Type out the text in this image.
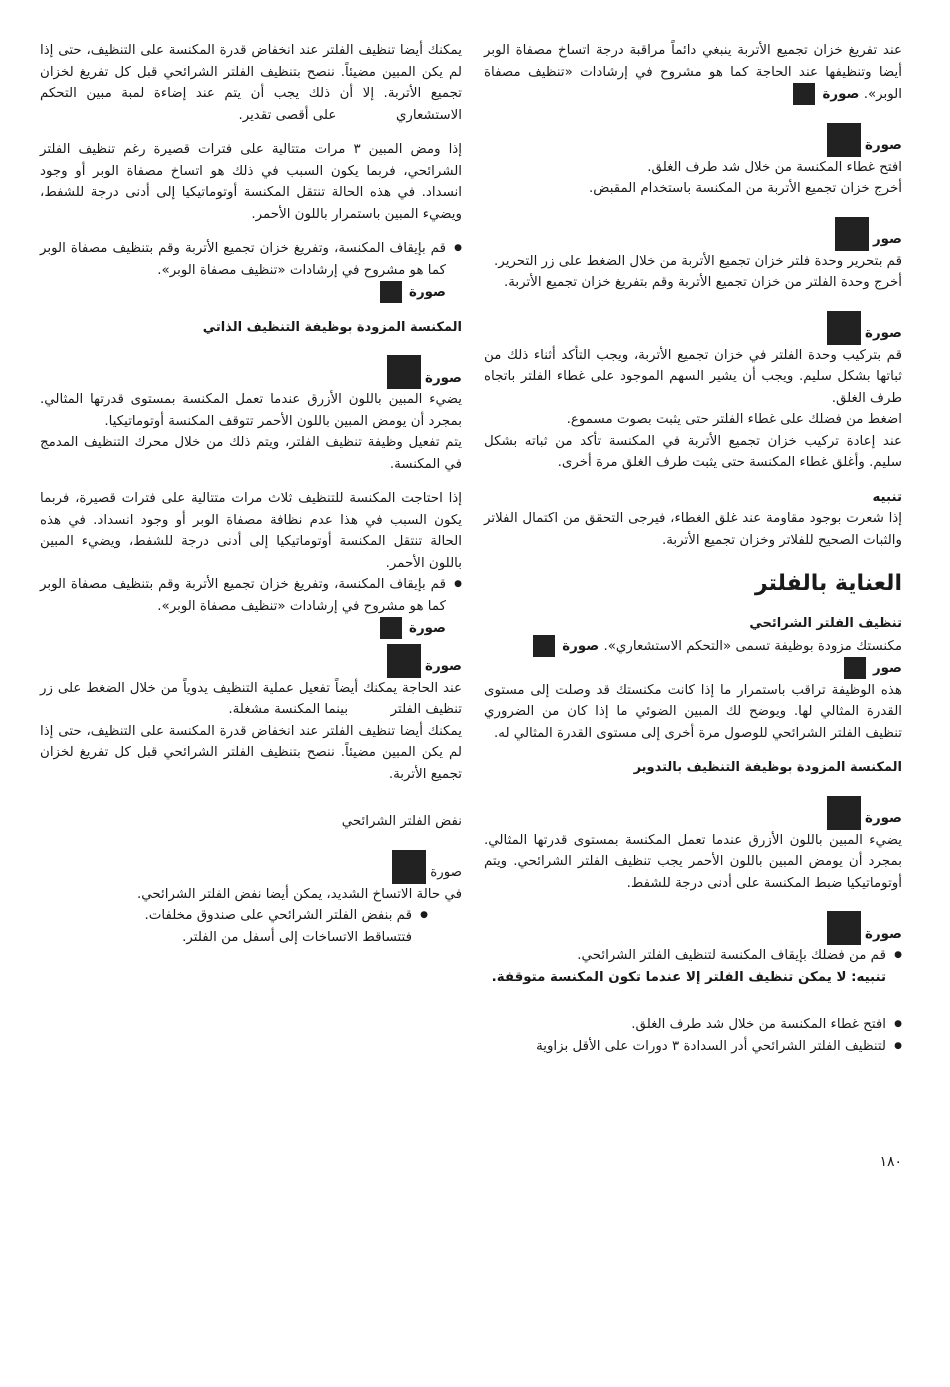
عند تفريغ خزان تجميع الأتربة ينبغي دائماً مراقبة درجة اتساخ مصفاة الوبر أيضا وتنظيفها عند الحاجة كما هو مشروح في إرشادات «تنظيف مصفاة الوبر». صورة

صورة

افتح غطاء المكنسة من خلال شد طرف الغلق.

أخرج خزان تجميع الأتربة من المكنسة باستخدام المقبض.

صور

قم بتحرير وحدة فلتر خزان تجميع الأتربة من خلال الضغط على زر التحرير.

أخرج وحدة الفلتر من خزان تجميع الأتربة وقم بتفريغ خزان تجميع الأتربة.

صورة

قم بتركيب وحدة الفلتر في خزان تجميع الأتربة، ويجب التأكد أثناء ذلك من ثباتها بشكل سليم. ويجب أن يشير السهم الموجود على غطاء الفلتر باتجاه طرف الغلق.

اضغط من فضلك على غطاء الفلتر حتى يثبت بصوت مسموع.

عند إعادة تركيب خزان تجميع الأتربة في المكنسة تأكد من ثباته بشكل سليم. وأغلق غطاء المكنسة حتى يثبت طرف الغلق مرة أخرى.

تنبيه

إذا شعرت بوجود مقاومة عند غلق الغطاء، فيرجى التحقق من اكتمال الفلاتر والثبات الصحيح للفلاتر وخزان تجميع الأتربة.

العناية بالفلتر

تنظيف الفلتر الشرائحي

مكنستك مزودة بوظيفة تسمى «التحكم الاستشعاري». صورة

صور

هذه الوظيفة تراقب باستمرار ما إذا كانت مكنستك قد وصلت إلى مستوى القدرة المثالي لها. ويوضح لك المبين الضوئي ما إذا كان من الضروري تنظيف الفلتر الشرائحي للوصول مرة أخرى إلى مستوى القدرة المثالي له.

المكنسة المزودة بوظيفة التنظيف بالتدوير

صورة

يضيء المبين باللون الأزرق عندما تعمل المكنسة بمستوى قدرتها المثالي. بمجرد أن يومض المبين باللون الأحمر يجب تنظيف الفلتر الشرائحي. ويتم أوتوماتيكيا ضبط المكنسة على أدنى درجة للشفط.

صورة
● قم من فضلك بإيقاف المكنسة لتنظيف الفلتر الشرائحي.
تنبيه: لا يمكن تنظيف الفلتر إلا عندما تكون المكنسة متوقفة.
● افتح غطاء المكنسة من خلال شد طرف الغلق.
● لتنظيف الفلتر الشرائحي أدر السدادة ٣ دورات على الأقل بزاوية
١٨٠

يمكنك أيضا تنظيف الفلتر عند انخفاض قدرة المكنسة على التنظيف، حتى إذا لم يكن المبين مضيئاً. ننصح بتنظيف الفلتر الشرائحي قبل كل تفريغ لخزان تجميع الأتربة. إلا أن ذلك يجب أن يتم عند إضاءة لمبة مبين التحكم الاستشعاري              على أقصى تقدير.

إذا ومض المبين ٣ مرات متتالية على فترات قصيرة رغم تنظيف الفلتر الشرائحي، فربما يكون السبب في ذلك هو اتساخ مصفاة الوبر أو وجود انسداد. في هذه الحالة تنتقل المكنسة أوتوماتيكيا إلى أدنى درجة للشفط، ويضيء المبين باستمرار باللون الأحمر.

● قم بإيقاف المكنسة، وتفريغ خزان تجميع الأتربة وقم بتنظيف مصفاة الوبر كما هو مشروح في إرشادات «تنظيف مصفاة الوبر».
صورة

المكنسة المزودة بوظيفة التنظيف الذاتي

صورة

يضيء المبين باللون الأزرق عندما تعمل المكنسة بمستوى قدرتها المثالي. بمجرد أن يومض المبين باللون الأحمر تتوقف المكنسة أوتوماتيكيا.

يتم تفعيل وظيفة تنظيف الفلتر، ويتم ذلك من خلال محرك التنظيف المدمج في المكنسة.

إذا احتاجت المكنسة للتنظيف ثلاث مرات متتالية على فترات قصيرة، فربما يكون السبب في هذا عدم نظافة مصفاة الوبر أو وجود انسداد. في هذه الحالة تنتقل المكنسة أوتوماتيكيا إلى أدنى درجة للشفط، ويضيء المبين باللون الأحمر.

● قم بإيقاف المكنسة، وتفريغ خزان تجميع الأتربة وقم بتنظيف مصفاة الوبر كما هو مشروح في إرشادات «تنظيف مصفاة الوبر».
صورة
صورة

عند الحاجة يمكنك أيضاً تفعيل عملية التنظيف يدوياً من خلال الضغط على زر تنظيف الفلتر          بينما المكنسة مشغلة.

يمكنك أيضا تنظيف الفلتر عند انخفاض قدرة المكنسة على التنظيف، حتى إذا لم يكن المبين مضيئاً. ننصح بتنظيف الفلتر الشرائحي قبل كل تفريغ لخزان تجميع الأتربة.

نفض الفلتر الشرائحي

صورة

في حالة الاتساخ الشديد، يمكن أيضا نفض الفلتر الشرائحي.

● قم بنفض الفلتر الشرائحي على صندوق مخلفات.
فتتساقط الاتساخات إلى أسفل من الفلتر.
